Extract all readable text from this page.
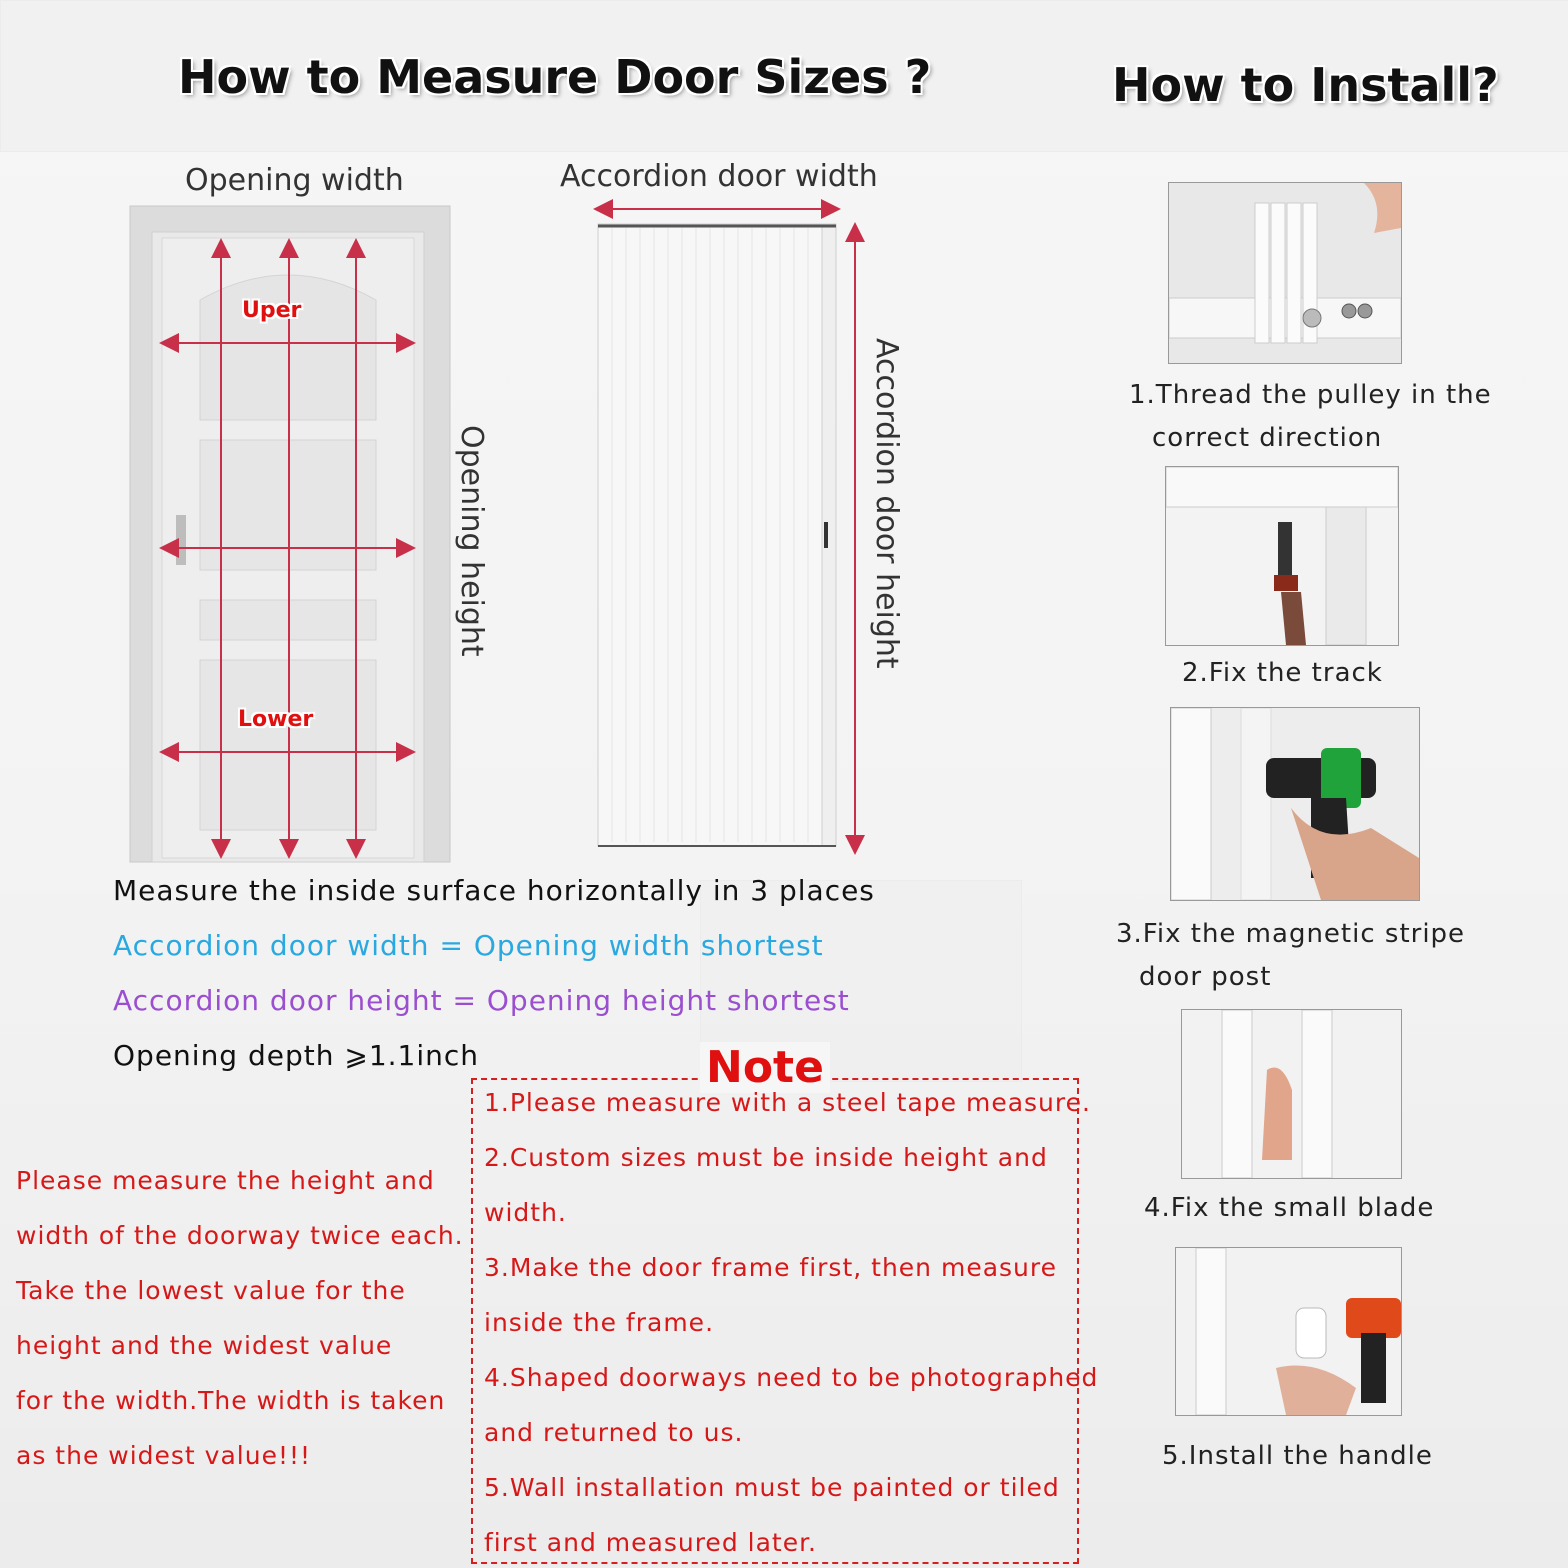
How to Measure Door Sizes ?	How to Install?
Opening width	Accordion door width
Uper
Lower
Opening height	Accordion door height
Measure the inside surface horizontally in 3 places
Accordion door width = Opening width shortest
Accordion door height = Opening height shortest
Opening depth ⩾1.1inch
Please measure the height and
width of the doorway twice each.
Take the lowest value for the
height and the widest value
for the width.The width is taken
as the widest value!!!
Note
1.Please measure with a steel tape measure.
2.Custom sizes must be inside height and
width.
3.Make the door frame first, then measure
inside the frame.
4.Shaped doorways need to be photographed
and returned to us.
5.Wall installation must be painted or tiled
first and measured later.
1.Thread the pulley in the
correct direction
2.Fix the track
3.Fix the magnetic stripe
door post
4.Fix the small blade
5.Install the handle
